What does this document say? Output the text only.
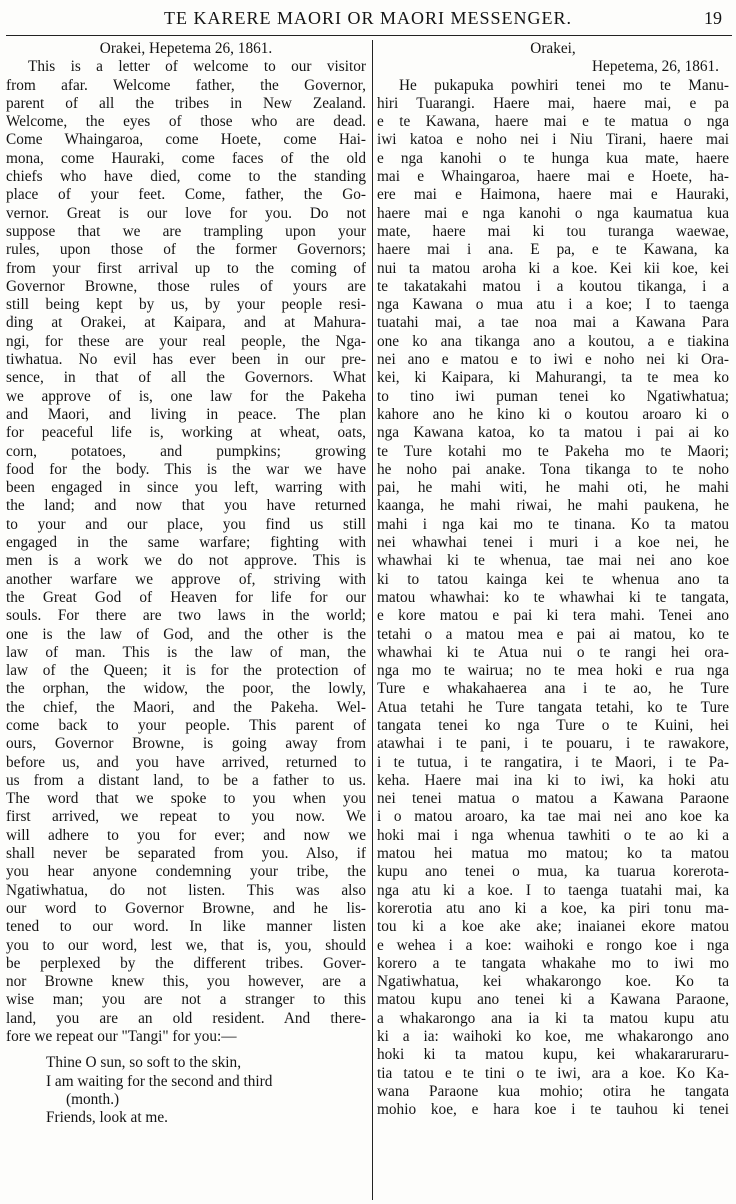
TE KARERE MAORI OR MAORI MESSENGER.	19

Orakei, Hepetema 26, 1861.

This is a letter of welcome to our visitor

from afar. Welcome father, the Governor,

parent of all the tribes in New Zealand.

Welcome, the eyes of those who are dead.

Come Whaingaroa, come Hoete, come Hai-

mona, come Hauraki, come faces of the old

chiefs who have died, come to the standing

place of your feet. Come, father, the Go-

vernor. Great is our love for you. Do not

suppose that we are trampling upon your

rules, upon those of the former Governors;

from your first arrival up to the coming of

Governor Browne, those rules of yours are

still being kept by us, by your people resi-

ding at Orakei, at Kaipara, and at Mahura-

ngi, for these are your real people, the Nga-

tiwhatua. No evil has ever been in our pre-

sence, in that of all the Governors. What

we approve of is, one law for the Pakeha

and Maori, and living in peace. The plan

for peaceful life is, working at wheat, oats,

corn, potatoes, and pumpkins; growing

food for the body. This is the war we have

been engaged in since you left, warring with

the land; and now that you have returned

to your and our place, you find us still

engaged in the same warfare; fighting with

men is a work we do not approve. This is

another warfare we approve of, striving with

the Great God of Heaven for life for our

souls. For there are two laws in the world;

one is the law of God, and the other is the

law of man. This is the law of man, the

law of the Queen; it is for the protection of

the orphan, the widow, the poor, the lowly,

the chief, the Maori, and the Pakeha. Wel-

come back to your people. This parent of

ours, Governor Browne, is going away from

before us, and you have arrived, returned to

us from a distant land, to be a father to us.

The word that we spoke to you when you

first arrived, we repeat to you now. We

will adhere to you for ever; and now we

shall never be separated from you. Also, if

you hear anyone condemning your tribe, the

Ngatiwhatua, do not listen. This was also

our word to Governor Browne, and he lis-

tened to our word. In like manner listen

you to our word, lest we, that is, you, should

be perplexed by the different tribes. Gover-

nor Browne knew this, you however, are a

wise man; you are not a stranger to this

land, you are an old resident. And there-

fore we repeat our "Tangi" for you:—

Thine O sun, so soft to the skin,

I am waiting for the second and third

(month.)

Friends, look at me.

Orakei,

Hepetema, 26, 1861.

He pukapuka powhiri tenei mo te Manu-

hiri Tuarangi. Haere mai, haere mai, e pa

e te Kawana, haere mai e te matua o nga

iwi katoa e noho nei i Niu Tirani, haere mai

e nga kanohi o te hunga kua mate, haere

mai e Whaingaroa, haere mai e Hoete, ha-

ere mai e Haimona, haere mai e Hauraki,

haere mai e nga kanohi o nga kaumatua kua

mate, haere mai ki tou turanga waewae,

haere mai i ana. E pa, e te Kawana, ka

nui ta matou aroha ki a koe. Kei kii koe, kei

te takatakahi matou i a koutou tikanga, i a

nga Kawana o mua atu i a koe; I to taenga

tuatahi mai, a tae noa mai a Kawana Para

one ko ana tikanga ano a koutou, a e tiakina

nei ano e matou e to iwi e noho nei ki Ora-

kei, ki Kaipara, ki Mahurangi, ta te mea ko

to tino iwi puman tenei ko Ngatiwhatua;

kahore ano he kino ki o koutou aroaro ki o

nga Kawana katoa, ko ta matou i pai ai ko

te Ture kotahi mo te Pakeha mo te Maori;

he noho pai anake. Tona tikanga to te noho

pai, he mahi witi, he mahi oti, he mahi

kaanga, he mahi riwai, he mahi paukena, he

mahi i nga kai mo te tinana. Ko ta matou

nei whawhai tenei i muri i a koe nei, he

whawhai ki te whenua, tae mai nei ano koe

ki to tatou kainga kei te whenua ano ta

matou whawhai: ko te whawhai ki te tangata,

e kore matou e pai ki tera mahi. Tenei ano

tetahi o a matou mea e pai ai matou, ko te

whawhai ki te Atua nui o te rangi hei ora-

nga mo te wairua; no te mea hoki e rua nga

Ture e whakahaerea ana i te ao, he Ture

Atua tetahi he Ture tangata tetahi, ko te Ture

tangata tenei ko nga Ture o te Kuini, hei

atawhai i te pani, i te pouaru, i te rawakore,

i te tutua, i te rangatira, i te Maori, i te Pa-

keha. Haere mai ina ki to iwi, ka hoki atu

nei tenei matua o matou a Kawana Paraone

i o matou aroaro, ka tae mai nei ano koe ka

hoki mai i nga whenua tawhiti o te ao ki a

matou hei matua mo matou; ko ta matou

kupu ano tenei o mua, ka tuarua korerota-

nga atu ki a koe. I to taenga tuatahi mai, ka

korerotia atu ano ki a koe, ka piri tonu ma-

tou ki a koe ake ake; inaianei ekore matou

e wehea i a koe: waihoki e rongo koe i nga

korero a te tangata whakahe mo to iwi mo

Ngatiwhatua, kei whakarongo koe. Ko ta

matou kupu ano tenei ki a Kawana Paraone,

a whakarongo ana ia ki ta matou kupu atu

ki a ia: waihoki ko koe, me whakarongo ano

hoki ki ta matou kupu, kei whakararuraru-

tia tatou e te tini o te iwi, ara a koe. Ko Ka-

wana Paraone kua mohio; otira he tangata

mohio koe, e hara koe i te tauhou ki tenei
